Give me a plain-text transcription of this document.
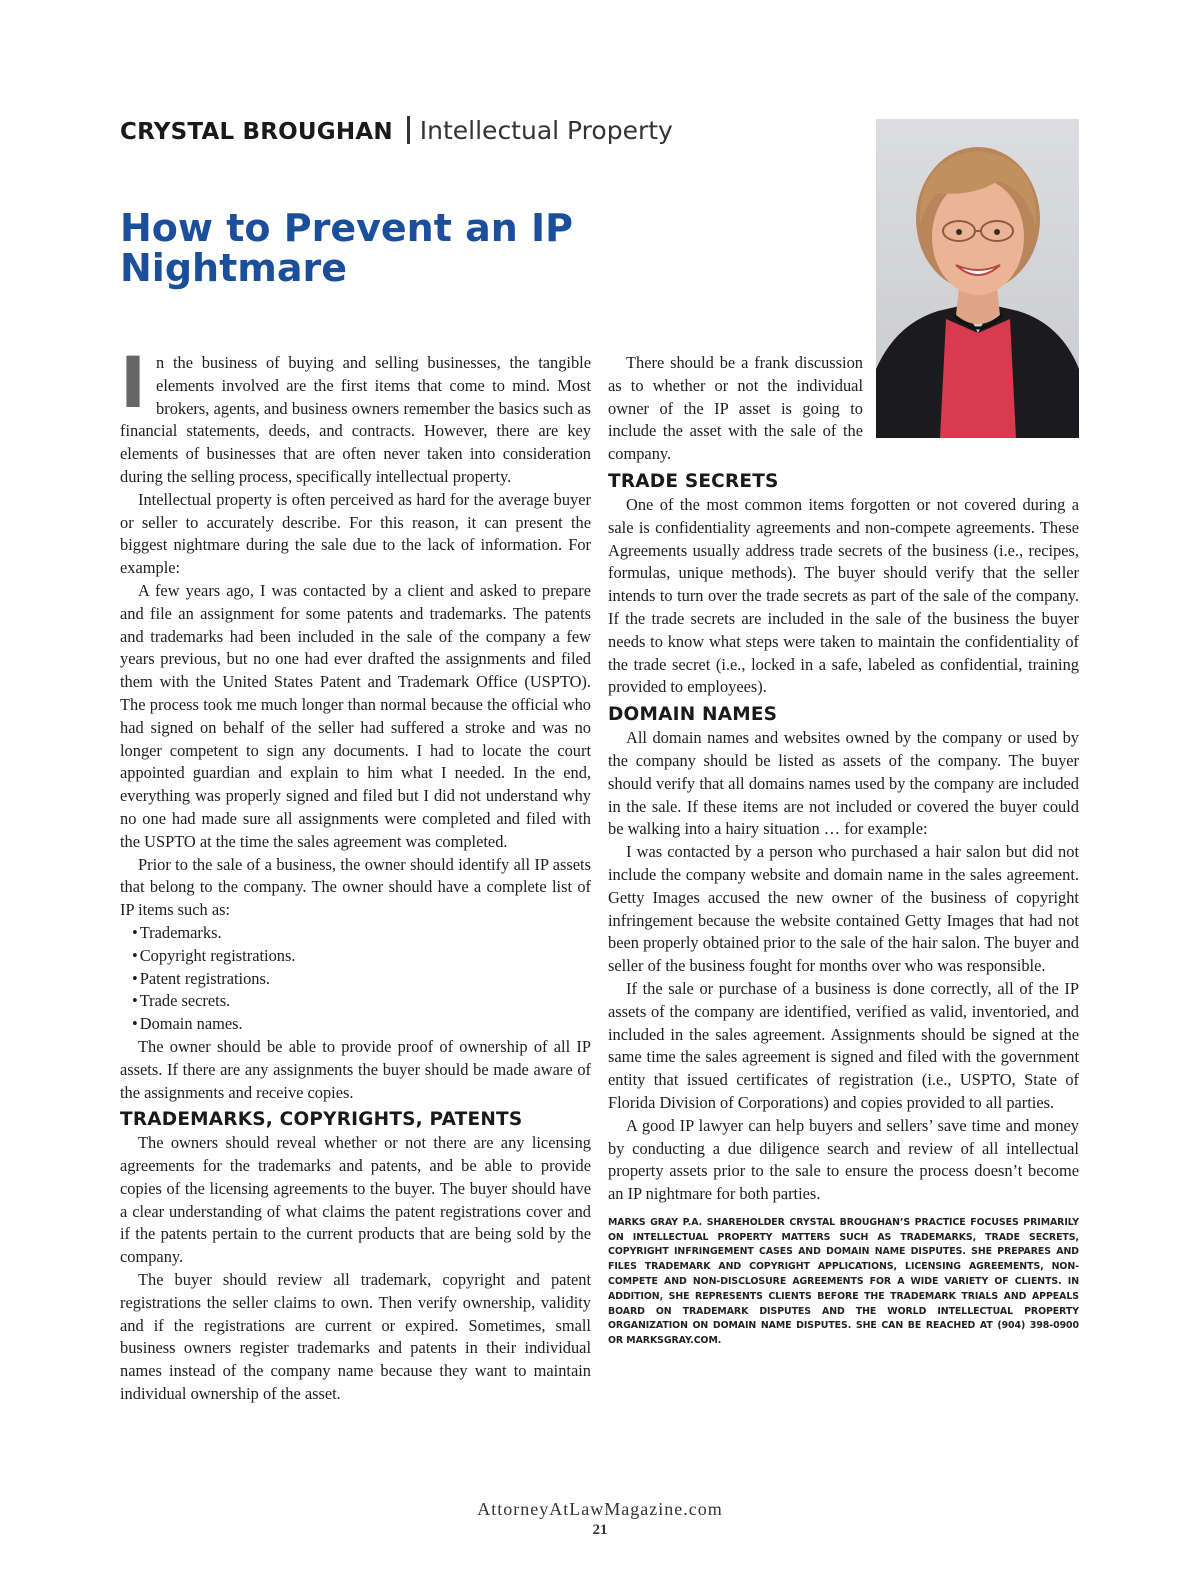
CRYSTAL BROUGHAN Intellectual Property
How to Prevent an IP Nightmare

In the business of buying and selling businesses, the tangible elements involved are the first items that come to mind. Most brokers, agents, and business owners remember the basics such as financial statements, deeds, and contracts. However, there are key elements of businesses that are often never taken into consideration during the selling process, specifically intellectual property.

Intellectual property is often perceived as hard for the average buyer or seller to accurately describe. For this reason, it can present the biggest nightmare during the sale due to the lack of information. For example:

A few years ago, I was contacted by a client and asked to prepare and file an assignment for some patents and trademarks. The patents and trademarks had been included in the sale of the company a few years previous, but no one had ever drafted the assignments and filed them with the United States Patent and Trademark Office (USPTO). The process took me much longer than normal because the official who had signed on behalf of the seller had suffered a stroke and was no longer competent to sign any documents. I had to locate the court appointed guardian and explain to him what I needed. In the end, everything was properly signed and filed but I did not understand why no one had made sure all assignments were completed and filed with the USPTO at the time the sales agreement was completed.

Prior to the sale of a business, the owner should identify all IP assets that belong to the company. The owner should have a complete list of IP items such as:

• Trademarks.
• Copyright registrations.
• Patent registrations.
• Trade secrets.
• Domain names.

The owner should be able to provide proof of ownership of all IP assets. If there are any assignments the buyer should be made aware of the assignments and receive copies.

TRADEMARKS, COPYRIGHTS, PATENTS

The owners should reveal whether or not there are any licensing agreements for the trademarks and patents, and be able to provide copies of the licensing agreements to the buyer. The buyer should have a clear understanding of what claims the patent registrations cover and if the patents pertain to the current products that are being sold by the company.

The buyer should review all trademark, copyright and patent registrations the seller claims to own. Then verify ownership, validity and if the registrations are current or expired. Sometimes, small business owners register trademarks and patents in their individual names instead of the company name because they want to maintain individual ownership of the asset.

There should be a frank discussion as to whether or not the individual owner of the IP asset is going to include the asset with the sale of the company.

TRADE SECRETS

One of the most common items forgotten or not covered during a sale is confidentiality agreements and non-compete agreements. These Agreements usually address trade secrets of the business (i.e., recipes, formulas, unique methods). The buyer should verify that the seller intends to turn over the trade secrets as part of the sale of the company. If the trade secrets are included in the sale of the business the buyer needs to know what steps were taken to maintain the confidentiality of the trade secret (i.e., locked in a safe, labeled as confidential, training provided to employees).

DOMAIN NAMES

All domain names and websites owned by the company or used by the company should be listed as assets of the company. The buyer should verify that all domains names used by the company are included in the sale. If these items are not included or covered the buyer could be walking into a hairy situation … for example:

I was contacted by a person who purchased a hair salon but did not include the company website and domain name in the sales agreement. Getty Images accused the new owner of the business of copyright infringement because the website contained Getty Images that had not been properly obtained prior to the sale of the hair salon. The buyer and seller of the business fought for months over who was responsible.

If the sale or purchase of a business is done correctly, all of the IP assets of the company are identified, verified as valid, inventoried, and included in the sales agreement. Assignments should be signed at the same time the sales agreement is signed and filed with the government entity that issued certificates of registration (i.e., USPTO, State of Florida Division of Corporations) and copies provided to all parties.

A good IP lawyer can help buyers and sellers’ save time and money by conducting a due diligence search and review of all intellectual property assets prior to the sale to ensure the process doesn’t become an IP nightmare for both parties.

MARKS GRAY P.A. SHAREHOLDER CRYSTAL BROUGHAN’S PRACTICE FOCUSES PRIMARILY ON INTELLECTUAL PROPERTY MATTERS SUCH AS TRADEMARKS, TRADE SECRETS, COPYRIGHT INFRINGEMENT CASES AND DOMAIN NAME DISPUTES. SHE PREPARES AND FILES TRADEMARK AND COPYRIGHT APPLICATIONS, LICENSING AGREEMENTS, NON-COMPETE AND NON-DISCLOSURE AGREEMENTS FOR A WIDE VARIETY OF CLIENTS. IN ADDITION, SHE REPRESENTS CLIENTS BEFORE THE TRADEMARK TRIALS AND APPEALS BOARD ON TRADEMARK DISPUTES AND THE WORLD INTELLECTUAL PROPERTY ORGANIZATION ON DOMAIN NAME DISPUTES. SHE CAN BE REACHED AT (904) 398-0900 OR MARKSGRAY.COM.
AttorneyAtLawMagazine.com
21
